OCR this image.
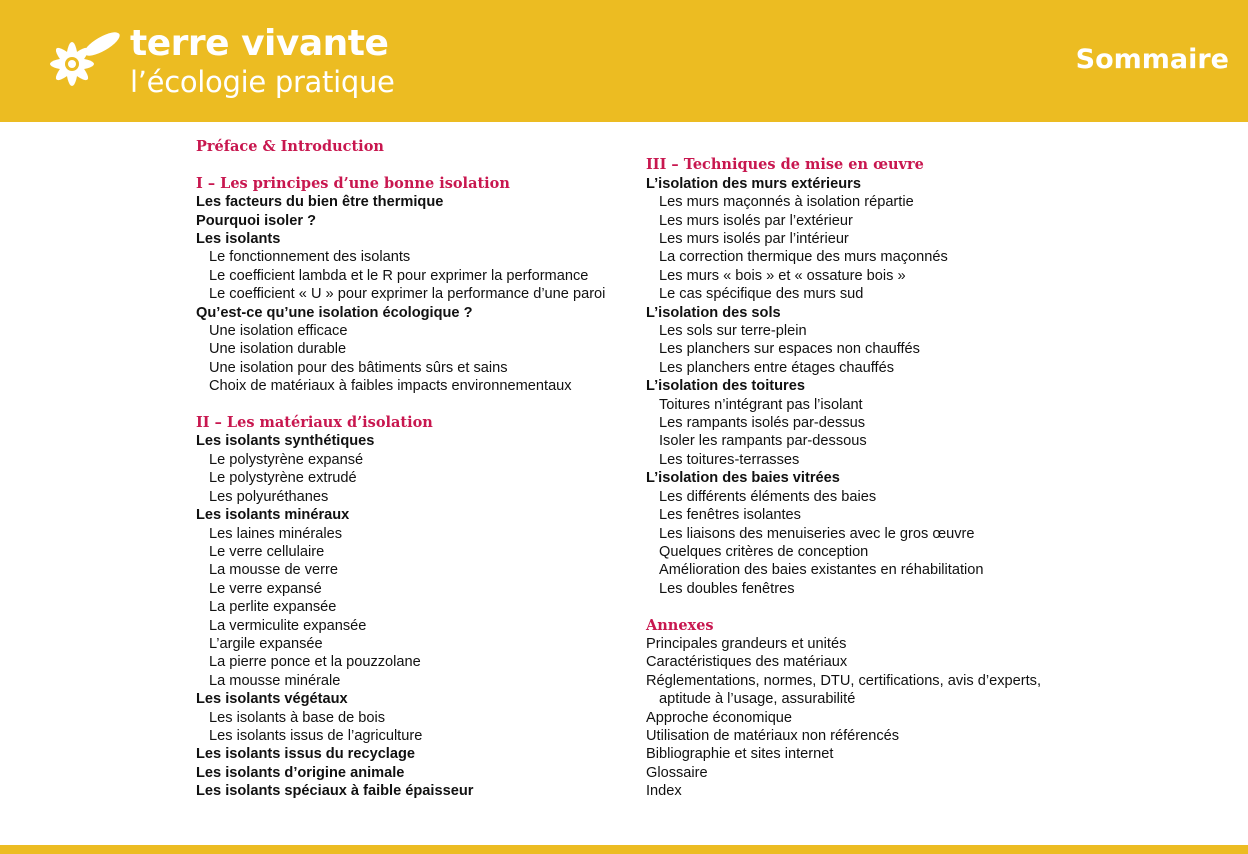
terre vivante
l’écologie pratique
Sommaire
Préface & Introduction
I – Les principes d’une bonne isolation
Les facteurs du bien être thermique
Pourquoi isoler ?
Les isolants
Le fonctionnement des isolants
Le coefficient lambda et le R pour exprimer la performance
Le coefficient « U » pour exprimer la performance d’une paroi
Qu’est-ce qu’une isolation écologique ?
Une isolation efficace
Une isolation durable
Une isolation pour des bâtiments sûrs et sains
Choix de matériaux à faibles impacts environnementaux
II – Les matériaux d’isolation
Les isolants synthétiques
Le polystyrène expansé
Le polystyrène extrudé
Les polyuréthanes
Les isolants minéraux
Les laines minérales
Le verre cellulaire
La mousse de verre
Le verre expansé
La perlite expansée
La vermiculite expansée
L’argile expansée
La pierre ponce et la pouzzolane
La mousse minérale
Les isolants végétaux
Les isolants à base de bois
Les isolants issus de l’agriculture
Les isolants issus du recyclage
Les isolants d’origine animale
Les isolants spéciaux à faible épaisseur
III – Techniques de mise en œuvre
L’isolation des murs extérieurs
Les murs maçonnés à isolation répartie
Les murs isolés par l’extérieur
Les murs isolés par l’intérieur
La correction thermique des murs maçonnés
Les murs « bois » et « ossature bois »
Le cas spécifique des murs sud
L’isolation des sols
Les sols sur terre-plein
Les planchers sur espaces non chauffés
Les planchers entre étages chauffés
L’isolation des toitures
Toitures n’intégrant pas l’isolant
Les rampants isolés par-dessus
Isoler les rampants par-dessous
Les toitures-terrasses
L’isolation des baies vitrées
Les différents éléments des baies
Les fenêtres isolantes
Les liaisons des menuiseries avec le gros œuvre
Quelques critères de conception
Amélioration des baies existantes en réhabilitation
Les doubles fenêtres
Annexes
Principales grandeurs et unités
Caractéristiques des matériaux
Réglementations, normes, DTU, certifications, avis d’experts,
aptitude à l’usage, assurabilité
Approche économique
Utilisation de matériaux non référencés
Bibliographie et sites internet
Glossaire
Index
